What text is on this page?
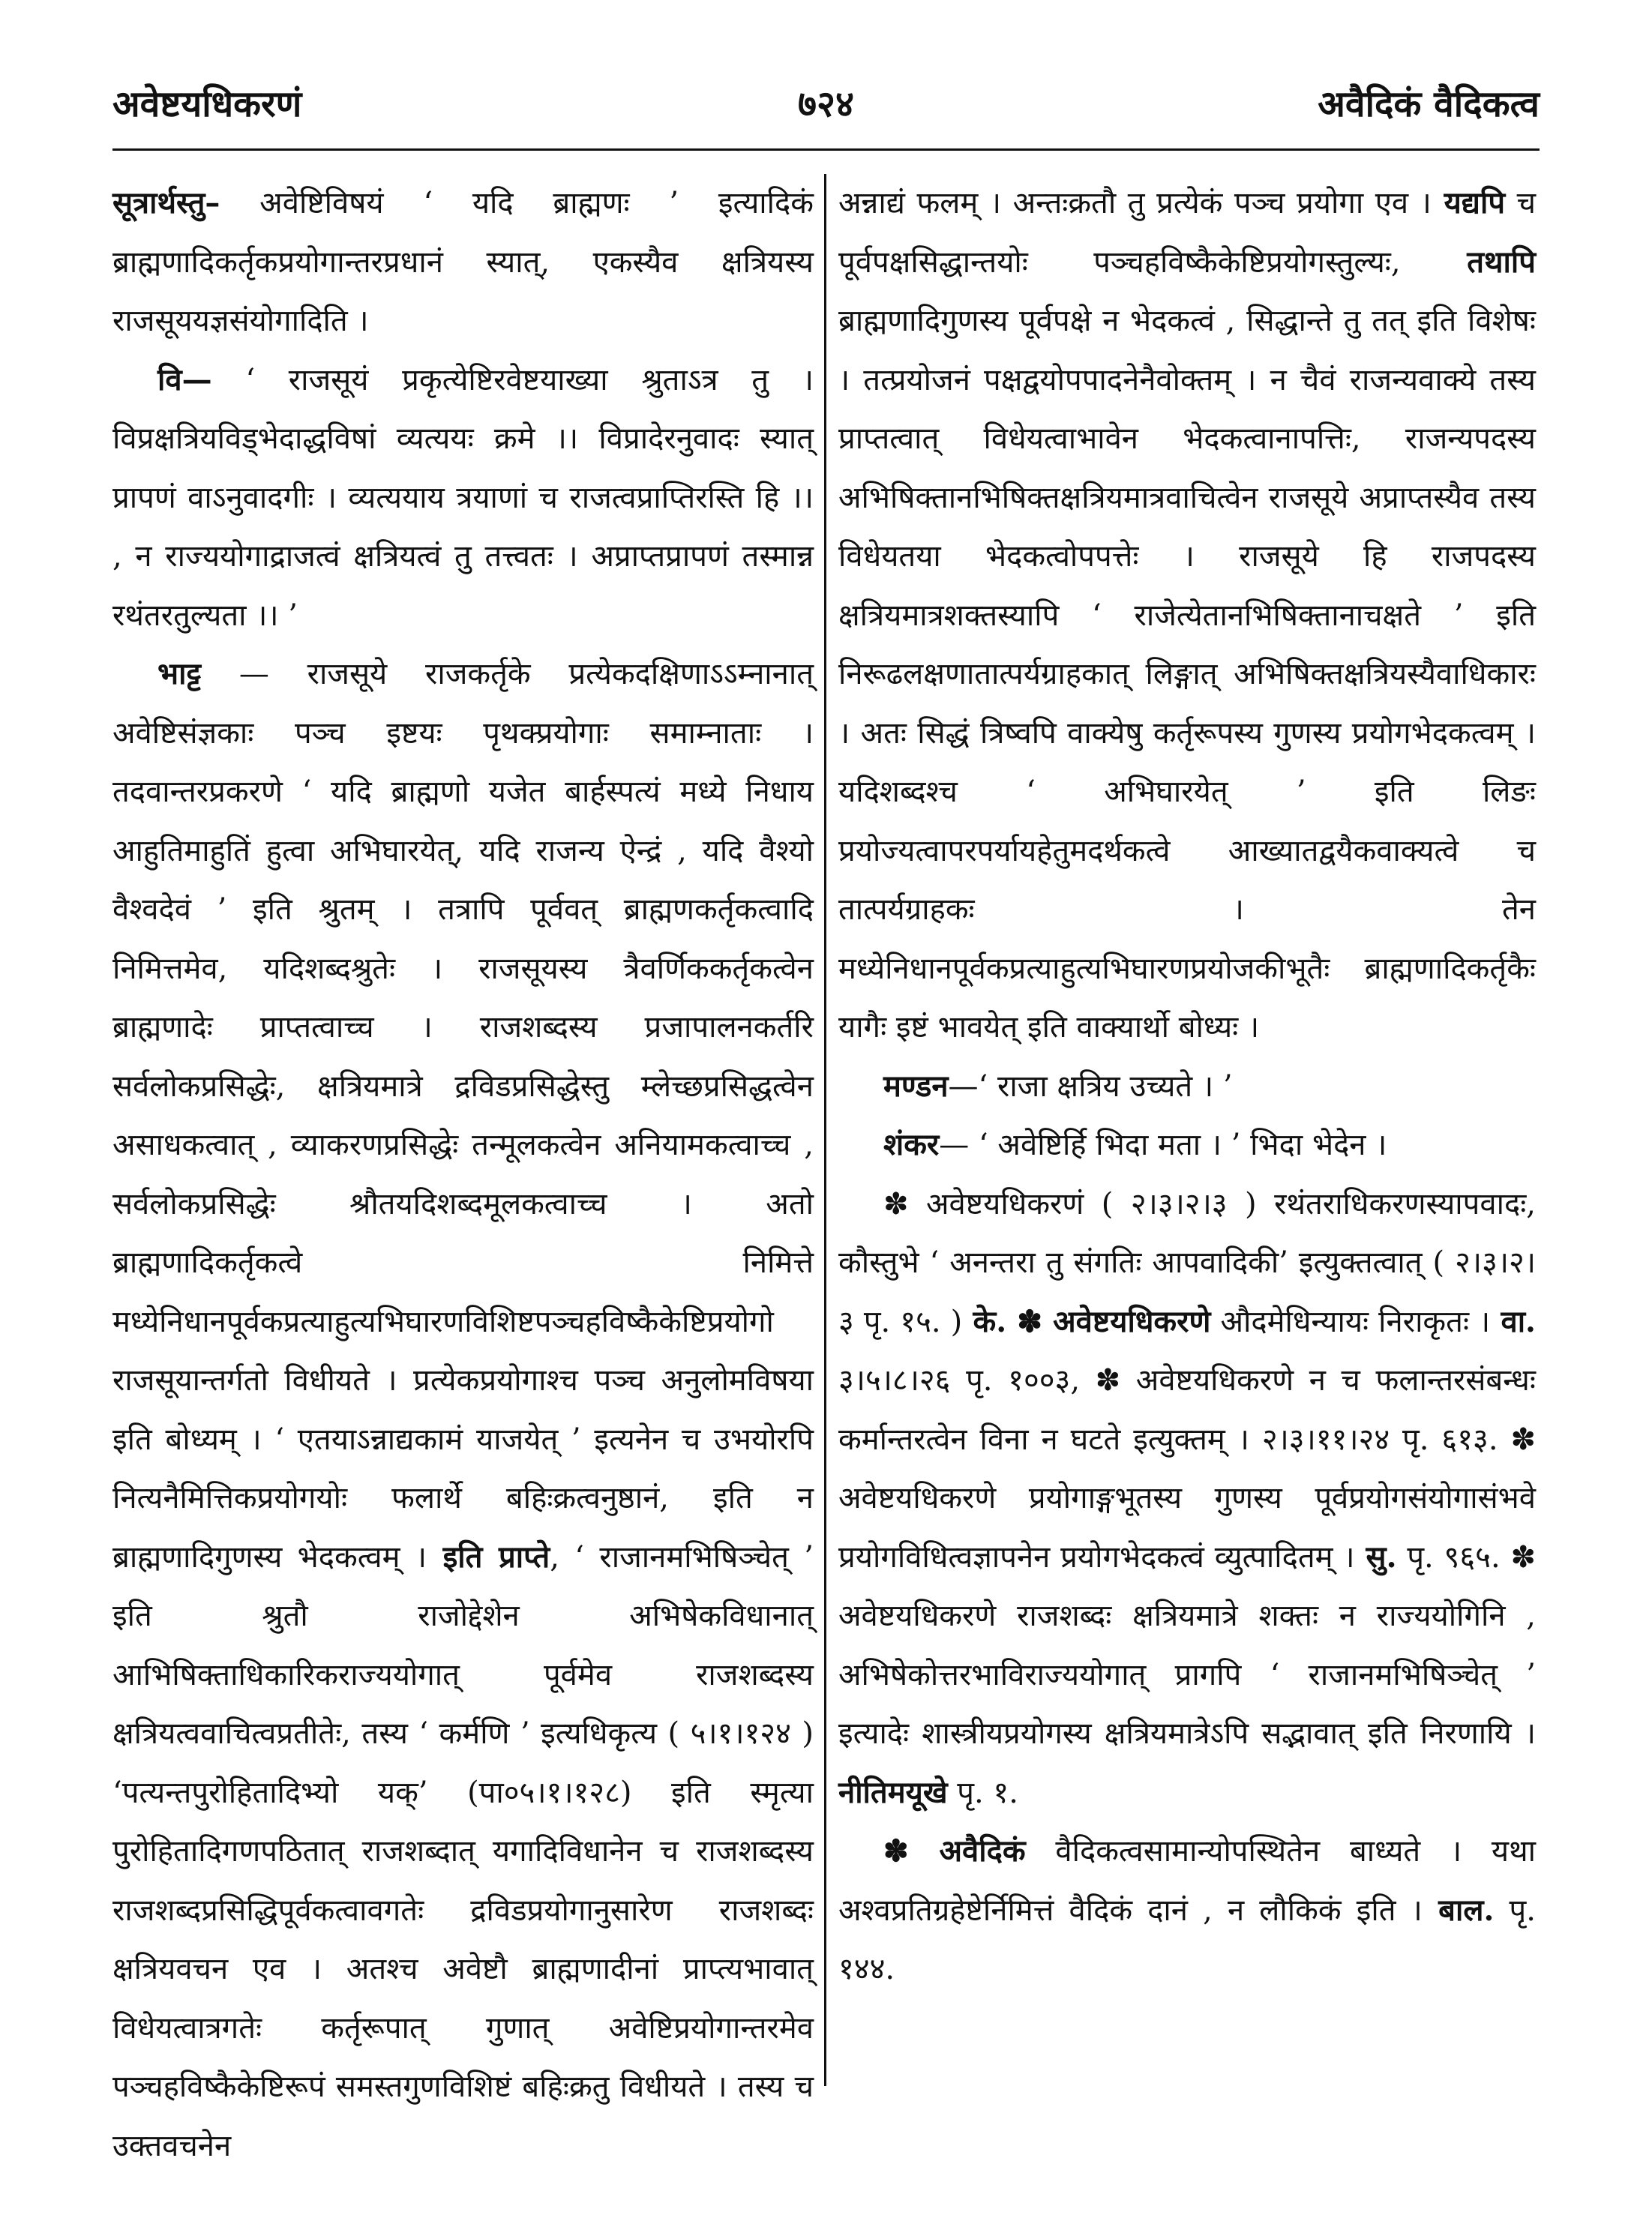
अवेष्टयधिकरणं	७२४	अवैदिकं वैदिकत्व

सूत्रार्थस्तु– अवेष्टिविषयं ‘ यदि ब्राह्मणः ’ इत्यादिकं ब्राह्मणादिकर्तृकप्रयोगान्तरप्रधानं स्यात्, एकस्यैव क्षत्रियस्य राजसूययज्ञसंयोगादिति ।

वि— ‘ राजसूयं प्रकृत्येष्टिरवेष्टयाख्या श्रुताऽत्र तु । विप्रक्षत्रियविड्भेदाद्धविषां व्यत्ययः क्रमे ।। विप्रादेरनुवादः स्यात् प्रापणं वाऽनुवादगीः । व्यत्ययाय त्रयाणां च राजत्वप्राप्तिरस्ति हि ।। , न राज्ययोगाद्राजत्वं क्षत्रियत्वं तु तत्त्वतः । अप्राप्तप्रापणं तस्मान्न रथंतरतुल्यता ।। ’

भाट्ट — राजसूये राजकर्तृके प्रत्येकदक्षिणाऽऽम्नानात् अवेष्टिसंज्ञकाः पञ्च इष्टयः पृथक्प्रयोगाः समाम्नाताः । तदवान्तरप्रकरणे ‘ यदि ब्राह्मणो यजेत बार्हस्पत्यं मध्ये निधाय आहुतिमाहुतिं हुत्वा अभिघारयेत्, यदि राजन्य ऐन्द्रं , यदि वैश्यो वैश्वदेवं ’ इति श्रुतम् । तत्रापि पूर्ववत् ब्राह्मणकर्तृकत्वादि निमित्तमेव, यदिशब्दश्रुतेः । राजसूयस्य त्रैवर्णिककर्तृकत्वेन ब्राह्मणादेः प्राप्तत्वाच्च । राजशब्दस्य प्रजापालनकर्तरि सर्वलोकप्रसिद्धेः, क्षत्रियमात्रे द्रविडप्रसिद्धेस्तु म्लेच्छप्रसिद्धत्वेन असाधकत्वात् , व्याकरणप्रसिद्धेः तन्मूलकत्वेन अनियामकत्वाच्च , सर्वलोकप्रसिद्धेः श्रौतयदिशब्दमूलकत्वाच्च । अतो ब्राह्मणादिकर्तृकत्वे निमित्ते मध्येनिधानपूर्वकप्रत्याहुत्यभिघारणविशिष्टपञ्चहविष्कैकेष्टिप्रयोगो राजसूयान्तर्गतो विधीयते । प्रत्येकप्रयोगाश्च पञ्च अनुलोमविषया इति बोध्यम् । ‘ एतयाऽन्नाद्यकामं याजयेत् ’ इत्यनेन च उभयोरपि नित्यनैमित्तिकप्रयोगयोः फलार्थे बहिःक्रत्वनुष्ठानं, इति न ब्राह्मणादिगुणस्य भेदकत्वम् । इति प्राप्ते, ‘ राजानमभिषिञ्चेत् ’ इति श्रुतौ राजोद्देशेन अभिषेकविधानात् आभिषिक्ताधिकारिकराज्ययोगात् पूर्वमेव राजशब्दस्य क्षत्रियत्ववाचित्वप्रतीतेः, तस्य ‘ कर्मणि ’ इत्यधिकृत्य ( ५।१।१२४ ) ‘पत्यन्तपुरोहितादिभ्यो यक्’ (पा०५।१।१२८) इति स्मृत्या पुरोहितादिगणपठितात् राजशब्दात् यगादिविधानेन च राजशब्दस्य राजशब्दप्रसिद्धिपूर्वकत्वावगतेः द्रविडप्रयोगानुसारेण राजशब्दः क्षत्रियवचन एव । अतश्च अवेष्टौ ब्राह्मणादीनां प्राप्त्यभावात् विधेयत्वात्रगतेः कर्तृरूपात् गुणात् अवेष्टिप्रयोगान्तरमेव पञ्चहविष्कैकेष्टिरूपं समस्तगुणविशिष्टं बहिःक्रतु विधीयते । तस्य च उक्तवचनेन

अन्नाद्यं फलम् । अन्तःक्रतौ तु प्रत्येकं पञ्च प्रयोगा एव । यद्यपि च पूर्वपक्षसिद्धान्तयोः पञ्चहविष्कैकेष्टिप्रयोगस्तुल्यः, तथापि ब्राह्मणादिगुणस्य पूर्वपक्षे न भेदकत्वं , सिद्धान्ते तु तत् इति विशेषः । तत्प्रयोजनं पक्षद्वयोपपादनेनैवोक्तम् । न चैवं राजन्यवाक्ये तस्य प्राप्तत्वात् विधेयत्वाभावेन भेदकत्वानापत्तिः, राजन्यपदस्य अभिषिक्तानभिषिक्तक्षत्रियमात्रवाचित्वेन राजसूये अप्राप्तस्यैव तस्य विधेयतया भेदकत्वोपपत्तेः । राजसूये हि राजपदस्य क्षत्रियमात्रशक्तस्यापि ‘ राजेत्येतानभिषिक्तानाचक्षते ’ इति निरूढलक्षणातात्पर्यग्राहकात् लिङ्गात् अभिषिक्तक्षत्रियस्यैवाधिकारः । अतः सिद्धं त्रिष्वपि वाक्येषु कर्तृरूपस्य गुणस्य प्रयोगभेदकत्वम् । यदिशब्दश्च ‘ अभिघारयेत् ’ इति लिङः प्रयोज्यत्वापरपर्यायहेतुमदर्थकत्वे आख्यातद्वयैकवाक्यत्वे च तात्पर्यग्राहकः । तेन मध्येनिधानपूर्वकप्रत्याहुत्यभिघारणप्रयोजकीभूतैः ब्राह्मणादिकर्तृकैः यागैः इष्टं भावयेत् इति वाक्यार्थो बोध्यः ।

मण्डन—‘ राजा क्षत्रिय उच्यते । ’

शंकर— ‘ अवेष्टिर्हि भिदा मता । ’ भिदा भेदेन ।

✽ अवेष्टयधिकरणं ( २।३।२।३ ) रथंतराधिकरणस्यापवादः, कौस्तुभे ‘ अनन्तरा तु संगतिः आपवादिकी’ इत्युक्तत्वात् ( २।३।२।३ पृ. १५. ) के. ✽ अवेष्टयधिकरणे औदमेधिन्यायः निराकृतः । वा. ३।५।८।२६ पृ. १००३, ✽ अवेष्टयधिकरणे न च फलान्तरसंबन्धः कर्मान्तरत्वेन विना न घटते इत्युक्तम् । २।३।११।२४ पृ. ६१३. ✽ अवेष्टयधिकरणे प्रयोगाङ्गभूतस्य गुणस्य पूर्वप्रयोगसंयोगासंभवे प्रयोगविधित्वज्ञापनेन प्रयोगभेदकत्वं व्युत्पादितम् । सु. पृ. ९६५. ✽ अवेष्टयधिकरणे राजशब्दः क्षत्रियमात्रे शक्तः न राज्ययोगिनि , अभिषेकोत्तरभाविराज्ययोगात् प्रागपि ‘ राजानमभिषिञ्चेत् ’ इत्यादेः शास्त्रीयप्रयोगस्य क्षत्रियमात्रेऽपि सद्भावात् इति निरणायि । नीतिमयूखे पृ. १.

✽ अवैदिकं वैदिकत्वसामान्योपस्थितेन बाध्यते । यथा अश्वप्रतिग्रहेष्टेर्निमित्तं वैदिकं दानं , न लौकिकं इति । बाल. पृ. १४४.
